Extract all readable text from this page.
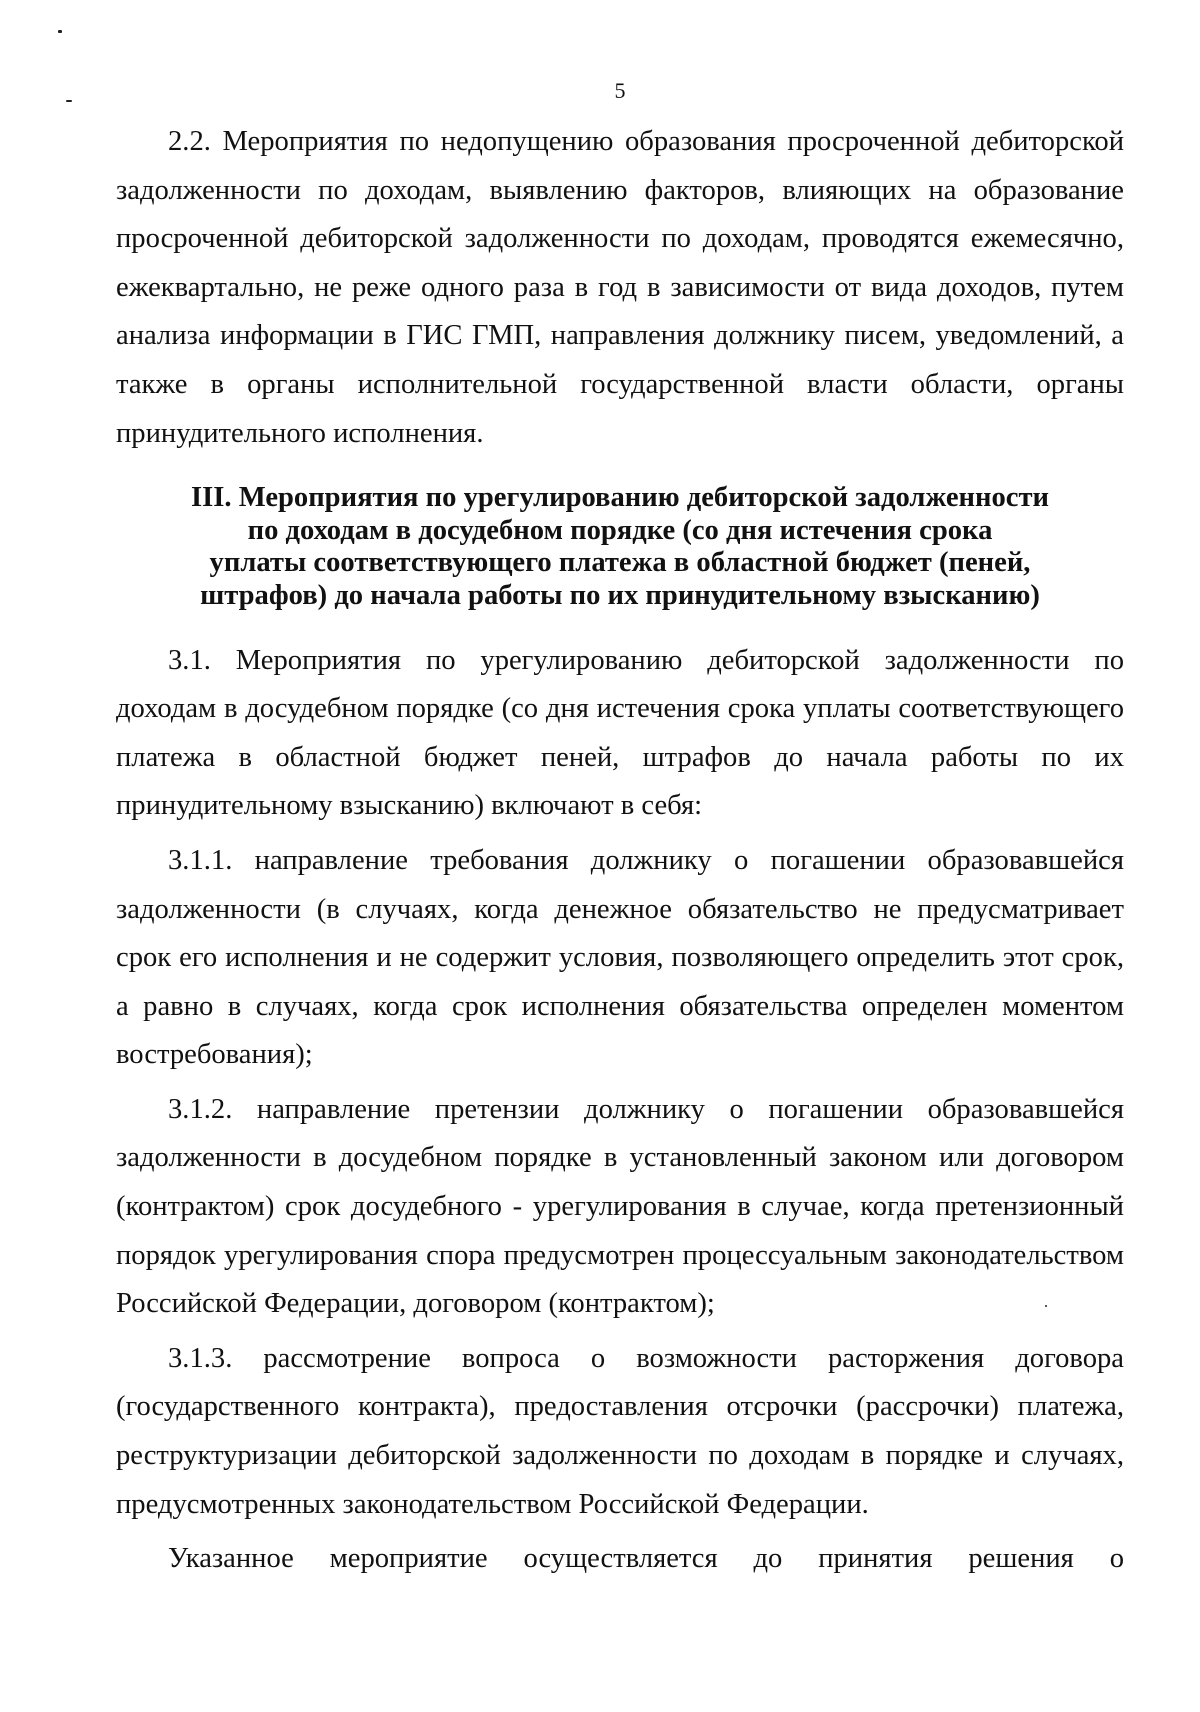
5

2.2. Мероприятия по недопущению образования просроченной дебиторской задолженности по доходам, выявлению факторов, влияющих на образование просроченной дебиторской задолженности по доходам, проводятся ежемесячно, ежеквартально, не реже одного раза в год в зависимости от вида доходов, путем анализа информации в ГИС ГМП, направления должнику писем, уведомлений, а также в органы исполнительной государственной власти области, органы принудительного исполнения.

III. Мероприятия по урегулированию дебиторской задолженности
по доходам в досудебном порядке (со дня истечения срока
уплаты соответствующего платежа в областной бюджет (пеней,
штрафов) до начала работы по их принудительному взысканию)

3.1. Мероприятия по урегулированию дебиторской задолженности по доходам в досудебном порядке (со дня истечения срока уплаты соответствующего платежа в областной бюджет пеней, штрафов до начала работы по их принудительному взысканию) включают в себя:

3.1.1. направление требования должнику о погашении образовавшейся задолженности (в случаях, когда денежное обязательство не предусматривает срок его исполнения и не содержит условия, позволяющего определить этот срок, а равно в случаях, когда срок исполнения обязательства определен моментом востребования);

3.1.2. направление претензии должнику о погашении образовавшейся задолженности в досудебном порядке в установленный законом или договором (контрактом) срок досудебного - урегулирования в случае, когда претензионный порядок урегулирования спора предусмотрен процессуальным законодательством Российской Федерации, договором (контрактом);

3.1.3. рассмотрение вопроса о возможности расторжения договора (государственного контракта), предоставления отсрочки (рассрочки) платежа, реструктуризации дебиторской задолженности по доходам в порядке и случаях, предусмотренных законодательством Российской Федерации.

Указанное мероприятие осуществляется до принятия решения о
